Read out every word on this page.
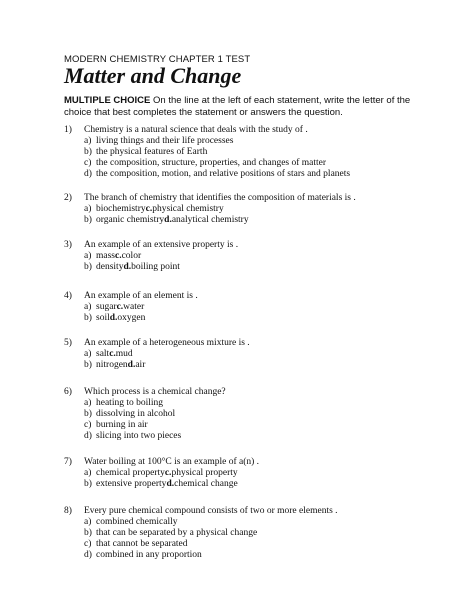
MODERN CHEMISTRY CHAPTER 1 TEST
Matter and Change
MULTIPLE CHOICE On the line at the left of each statement, write the letter of the choice that best completes the statement or answers the question.
1)	Chemistry is a natural science that deals with the study of .
a) living things and their life processes
b) the physical features of Earth
c) the composition, structure, properties, and changes of matter
d) the composition, motion, and relative positions of stars and planets
2)	The branch of chemistry that identifies the composition of materials is .
a) biochemistry c. physical chemistry
b) organic chemistry d. analytical chemistry
3)	An example of an extensive property is .
a) mass c. color
b) density d. boiling point
4)	An example of an element is .
a) sugar c. water
b) soil d. oxygen
5)	An example of a heterogeneous mixture is .
a) salt c. mud
b) nitrogen d. air
6)	Which process is a chemical change?
a) heating to boiling
b) dissolving in alcohol
c) burning in air
d) slicing into two pieces
7)	Water boiling at 100°C is an example of a(n) .
a) chemical property c. physical property
b) extensive property d. chemical change
8)	Every pure chemical compound consists of two or more elements .
a) combined chemically
b) that can be separated by a physical change
c) that cannot be separated
d) combined in any proportion
